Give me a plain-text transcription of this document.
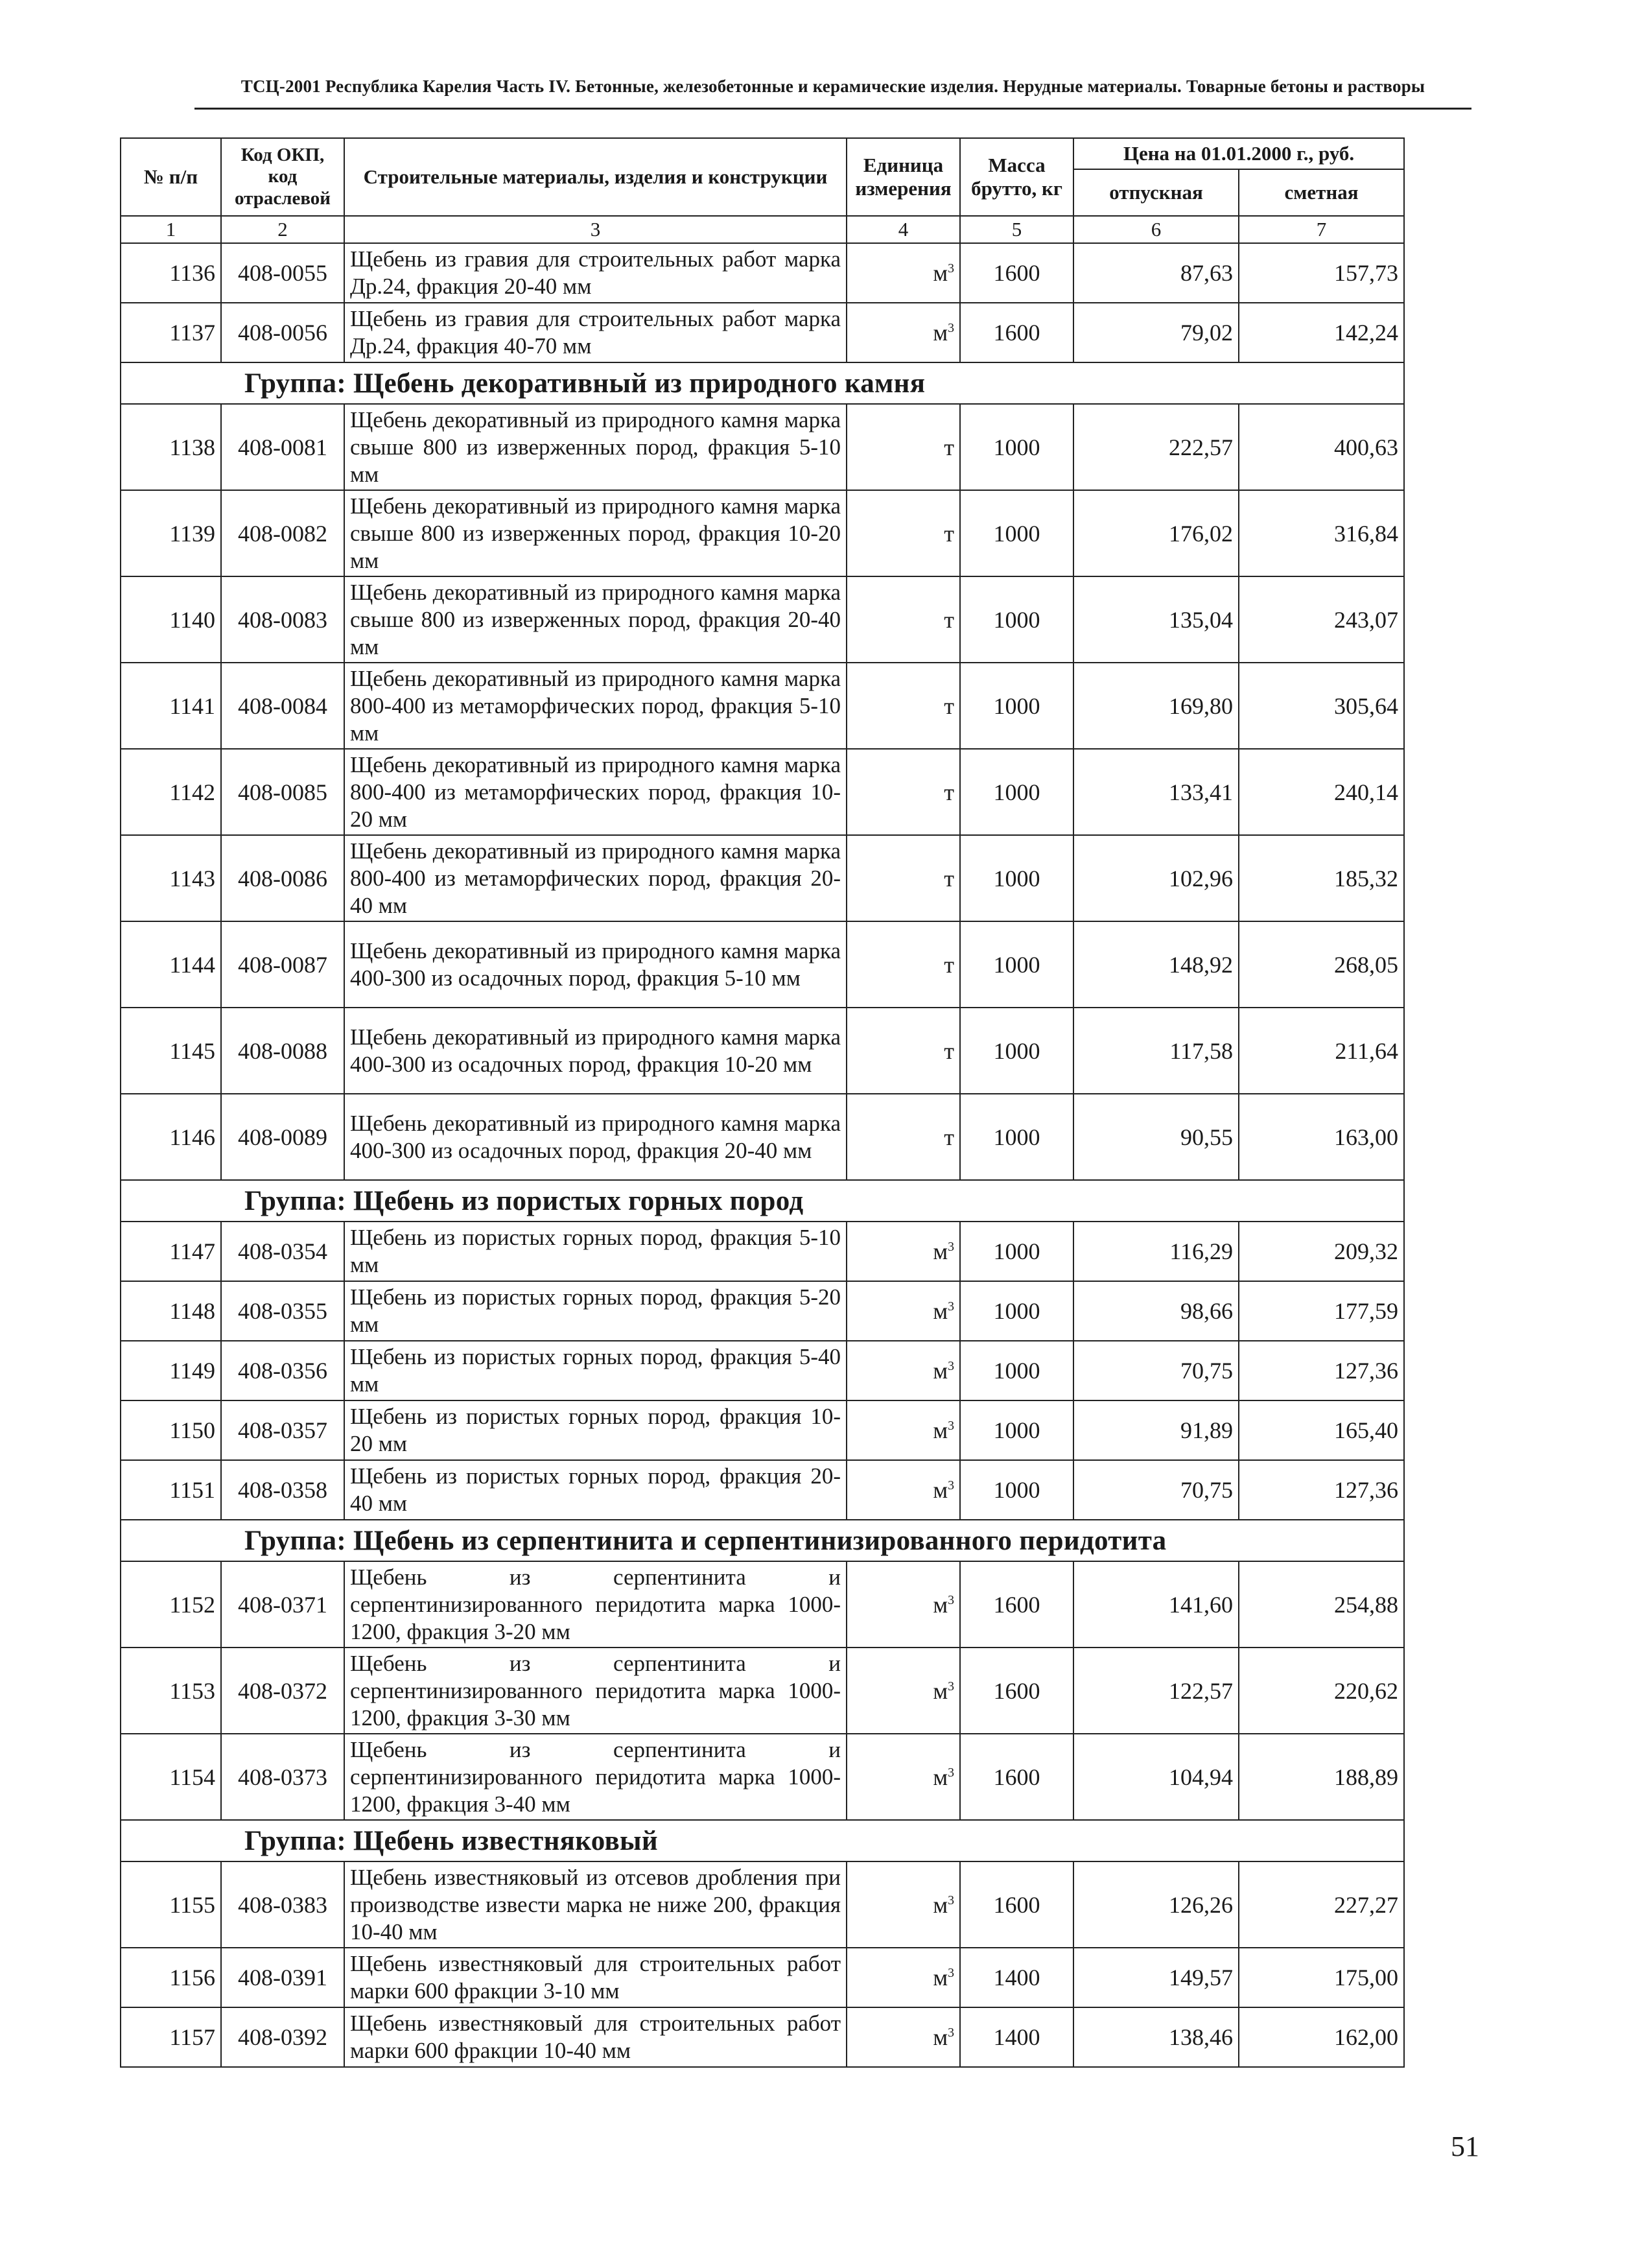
ТСЦ-2001 Республика Карелия Часть IV. Бетонные, железобетонные и керамические изделия. Нерудные материалы. Товарные бетоны и растворы
№ п/п	Код ОКП, код отраслевой	Строительные материалы, изделия и конструкции	Единица измерения	Масса брутто, кг	Цена на 01.01.2000 г., руб.	
					отпускная	сметная
1	2	3	4	5	6	7
1136	408-0055	Щебень из гравия для строительных работ марка Др.24, фракция 20-40 мм	$м^3$	1600	87,63	157,73
1137	408-0056	Щебень из гравия для строительных работ марка Др.24, фракция 40-70 мм	$м^3$	1600	79,02	142,24
Группа: Щебень декоративный из природного камня						
1138	408-0081	Щебень декоративный из природного камня марка свыше 800 из изверженных пород, фракция 5-10 мм	т	1000	222,57	400,63
1139	408-0082	Щебень декоративный из природного камня марка свыше 800 из изверженных пород, фракция 10-20 мм	т	1000	176,02	316,84
1140	408-0083	Щебень декоративный из природного камня марка свыше 800 из изверженных пород, фракция 20-40 мм	т	1000	135,04	243,07
1141	408-0084	Щебень декоративный из природного камня марка 800-400 из метаморфических пород, фракция 5-10 мм	т	1000	169,80	305,64
1142	408-0085	Щебень декоративный из природного камня марка 800-400 из метаморфических пород, фракция 10-20 мм	т	1000	133,41	240,14
1143	408-0086	Щебень декоративный из природного камня марка 800-400 из метаморфических пород, фракция 20-40 мм	т	1000	102,96	185,32
1144	408-0087	Щебень декоративный из природного камня марка 400-300 из осадочных пород, фракция 5-10 мм	т	1000	148,92	268,05
1145	408-0088	Щебень декоративный из природного камня марка 400-300 из осадочных пород, фракция 10-20 мм	т	1000	117,58	211,64
1146	408-0089	Щебень декоративный из природного камня марка 400-300 из осадочных пород, фракция 20-40 мм	т	1000	90,55	163,00
Группа: Щебень из пористых горных пород						
1147	408-0354	Щебень из пористых горных пород, фракция 5-10 мм	$м^3$	1000	116,29	209,32
1148	408-0355	Щебень из пористых горных пород, фракция 5-20 мм	$м^3$	1000	98,66	177,59
1149	408-0356	Щебень из пористых горных пород, фракция 5-40 мм	$м^3$	1000	70,75	127,36
1150	408-0357	Щебень из пористых горных пород, фракция 10-20 мм	$м^3$	1000	91,89	165,40
1151	408-0358	Щебень из пористых горных пород, фракция 20-40 мм	$м^3$	1000	70,75	127,36
Группа: Щебень из серпентинита и серпентинизированного перидотита						
1152	408-0371	Щебень из серпентинита и серпентинизированного перидотита марка 1000-1200, фракция 3-20 мм	$м^3$	1600	141,60	254,88
1153	408-0372	Щебень из серпентинита и серпентинизированного перидотита марка 1000-1200, фракция 3-30 мм	$м^3$	1600	122,57	220,62
1154	408-0373	Щебень из серпентинита и серпентинизированного перидотита марка 1000-1200, фракция 3-40 мм	$м^3$	1600	104,94	188,89
Группа: Щебень известняковый						
1155	408-0383	Щебень известняковый из отсевов дробления при производстве извести марка не ниже 200, фракция 10-40 мм	$м^3$	1600	126,26	227,27
1156	408-0391	Щебень известняковый для строительных работ марки 600 фракции 3-10 мм	$м^3$	1400	149,57	175,00
1157	408-0392	Щебень известняковый для строительных работ марки 600 фракции 10-40 мм	$м^3$	1400	138,46	162,00
51
